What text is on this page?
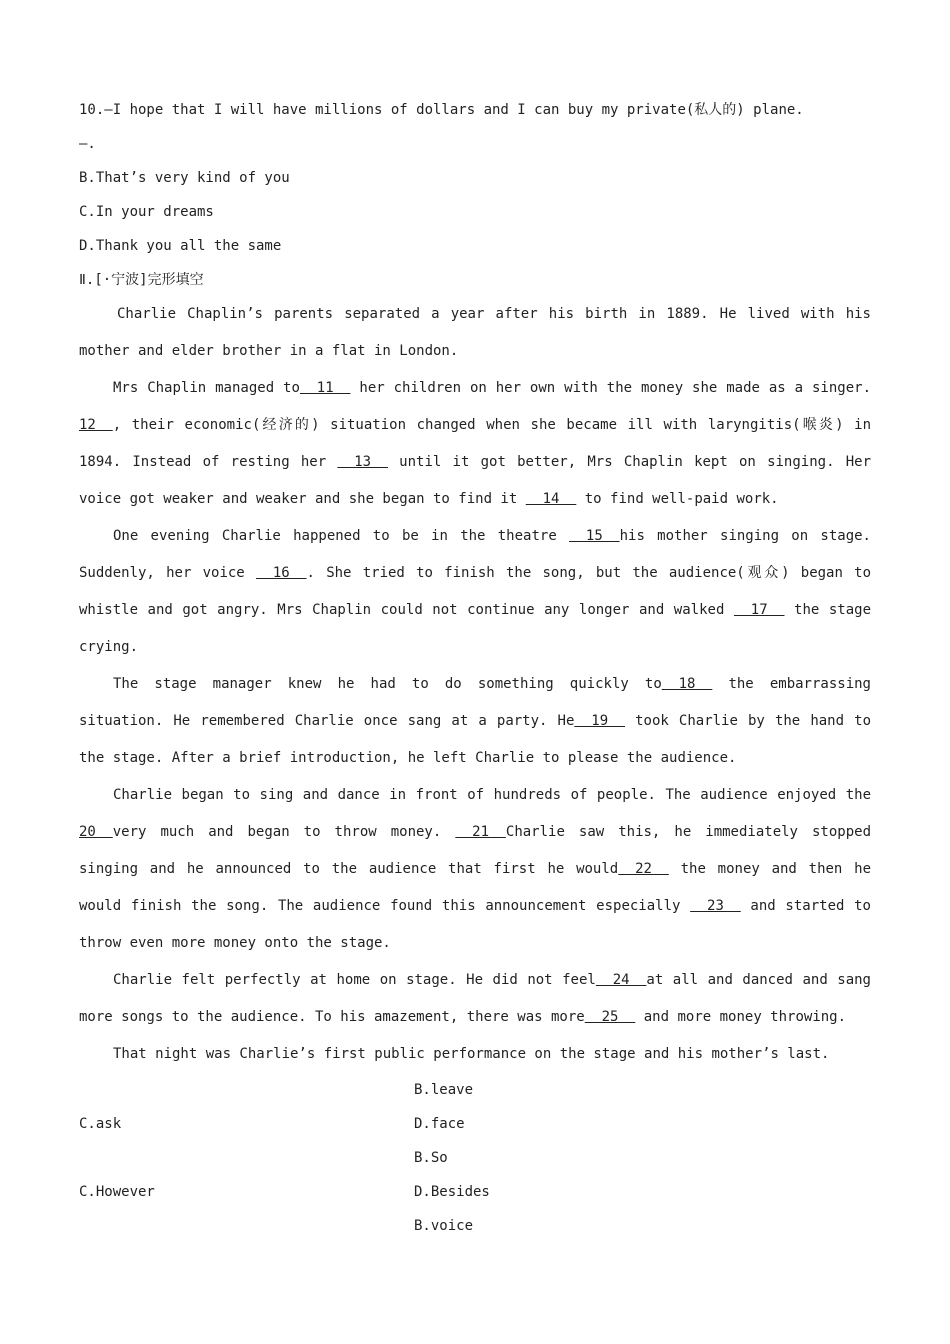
10.—I hope that I will have millions of dollars and I can buy my private(私人的) plane.

—.

B.That’s very kind of you

C.In your dreams

D.Thank you all the same

Ⅱ.[·宁波]完形填空

Charlie Chaplin’s parents separated a year after his birth in 1889. He lived with his mother and elder brother in a flat in London.

Mrs Chaplin managed to  11   her children on her own with the money she made as a singer. 12  , their economic(经济的) situation changed when she became ill with laryngitis(喉炎) in 1894. Instead of resting her   13   until it got better, Mrs Chaplin kept on singing. Her voice got weaker and weaker and she began to find it   14   to find well-paid work.

One evening Charlie happened to be in the theatre   15  his mother singing on stage. Suddenly, her voice   16  . She tried to finish the song, but the audience(观众) began to whistle and got angry. Mrs Chaplin could not continue any longer and walked   17   the stage crying.

The stage manager knew he had to do something quickly to  18   the embarrassing situation. He remembered Charlie once sang at a party. He  19   took Charlie by the hand to the stage. After a brief introduction, he left Charlie to please the audience.

Charlie began to sing and dance in front of hundreds of people. The audience enjoyed the 20  very much and began to throw money.   21  Charlie saw this, he immediately stopped singing and he announced to the audience that first he would  22   the money and then he would finish the song. The audience found this announcement especially   23   and started to throw even more money onto the stage.

Charlie felt perfectly at home on stage. He did not feel  24  at all and danced and sang more songs to the audience. To his amazement, there was more  25   and more money throwing.

That night was Charlie’s first public performance on the stage and his mother’s last.

B.leave
C.ask	D.face
B.So
C.However	D.Besides
B.voice
